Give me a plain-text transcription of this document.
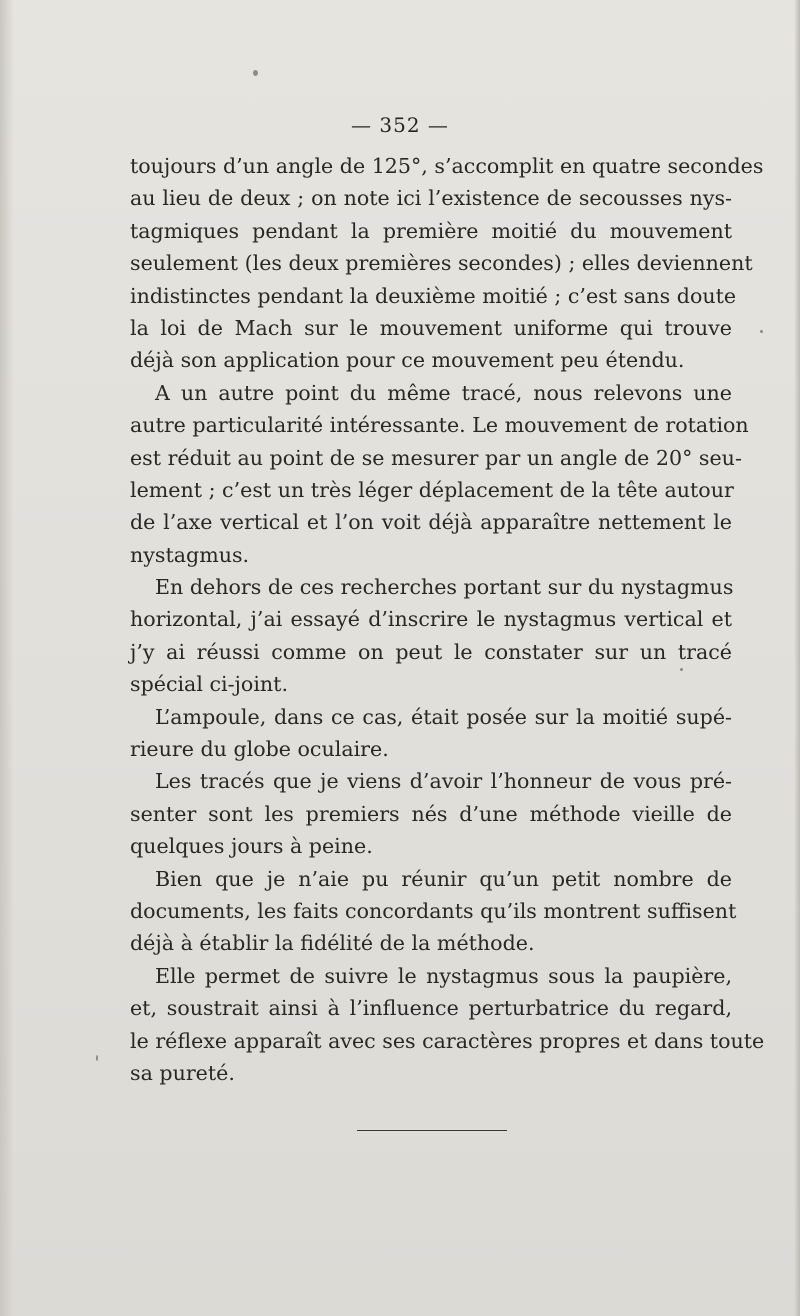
— 352 —
toujours d’un angle de 125°, s’accomplit en quatre secondes
au lieu de deux ; on note ici l’existence de secousses nys-
tagmiques pendant la première moitié du mouvement
seulement (les deux premières secondes) ; elles deviennent
indistinctes pendant la deuxième moitié ; c’est sans doute
la loi de Mach sur le mouvement uniforme qui trouve
déjà son application pour ce mouvement peu étendu.
A un autre point du même tracé, nous relevons une
autre particularité intéressante. Le mouvement de rotation
est réduit au point de se mesurer par un angle de 20° seu-
lement ; c’est un très léger déplacement de la tête autour
de l’axe vertical et l’on voit déjà apparaître nettement le
nystagmus.
En dehors de ces recherches portant sur du nystagmus
horizontal, j’ai essayé d’inscrire le nystagmus vertical et
j’y ai réussi comme on peut le constater sur un tracé
spécial ci-joint.
L’ampoule, dans ce cas, était posée sur la moitié supé-
rieure du globe oculaire.
Les tracés que je viens d’avoir l’honneur de vous pré-
senter sont les premiers nés d’une méthode vieille de
quelques jours à peine.
Bien que je n’aie pu réunir qu’un petit nombre de
documents, les faits concordants qu’ils montrent suffisent
déjà à établir la fidélité de la méthode.
Elle permet de suivre le nystagmus sous la paupière,
et, soustrait ainsi à l’influence perturbatrice du regard,
le réflexe apparaît avec ses caractères propres et dans toute
sa pureté.
